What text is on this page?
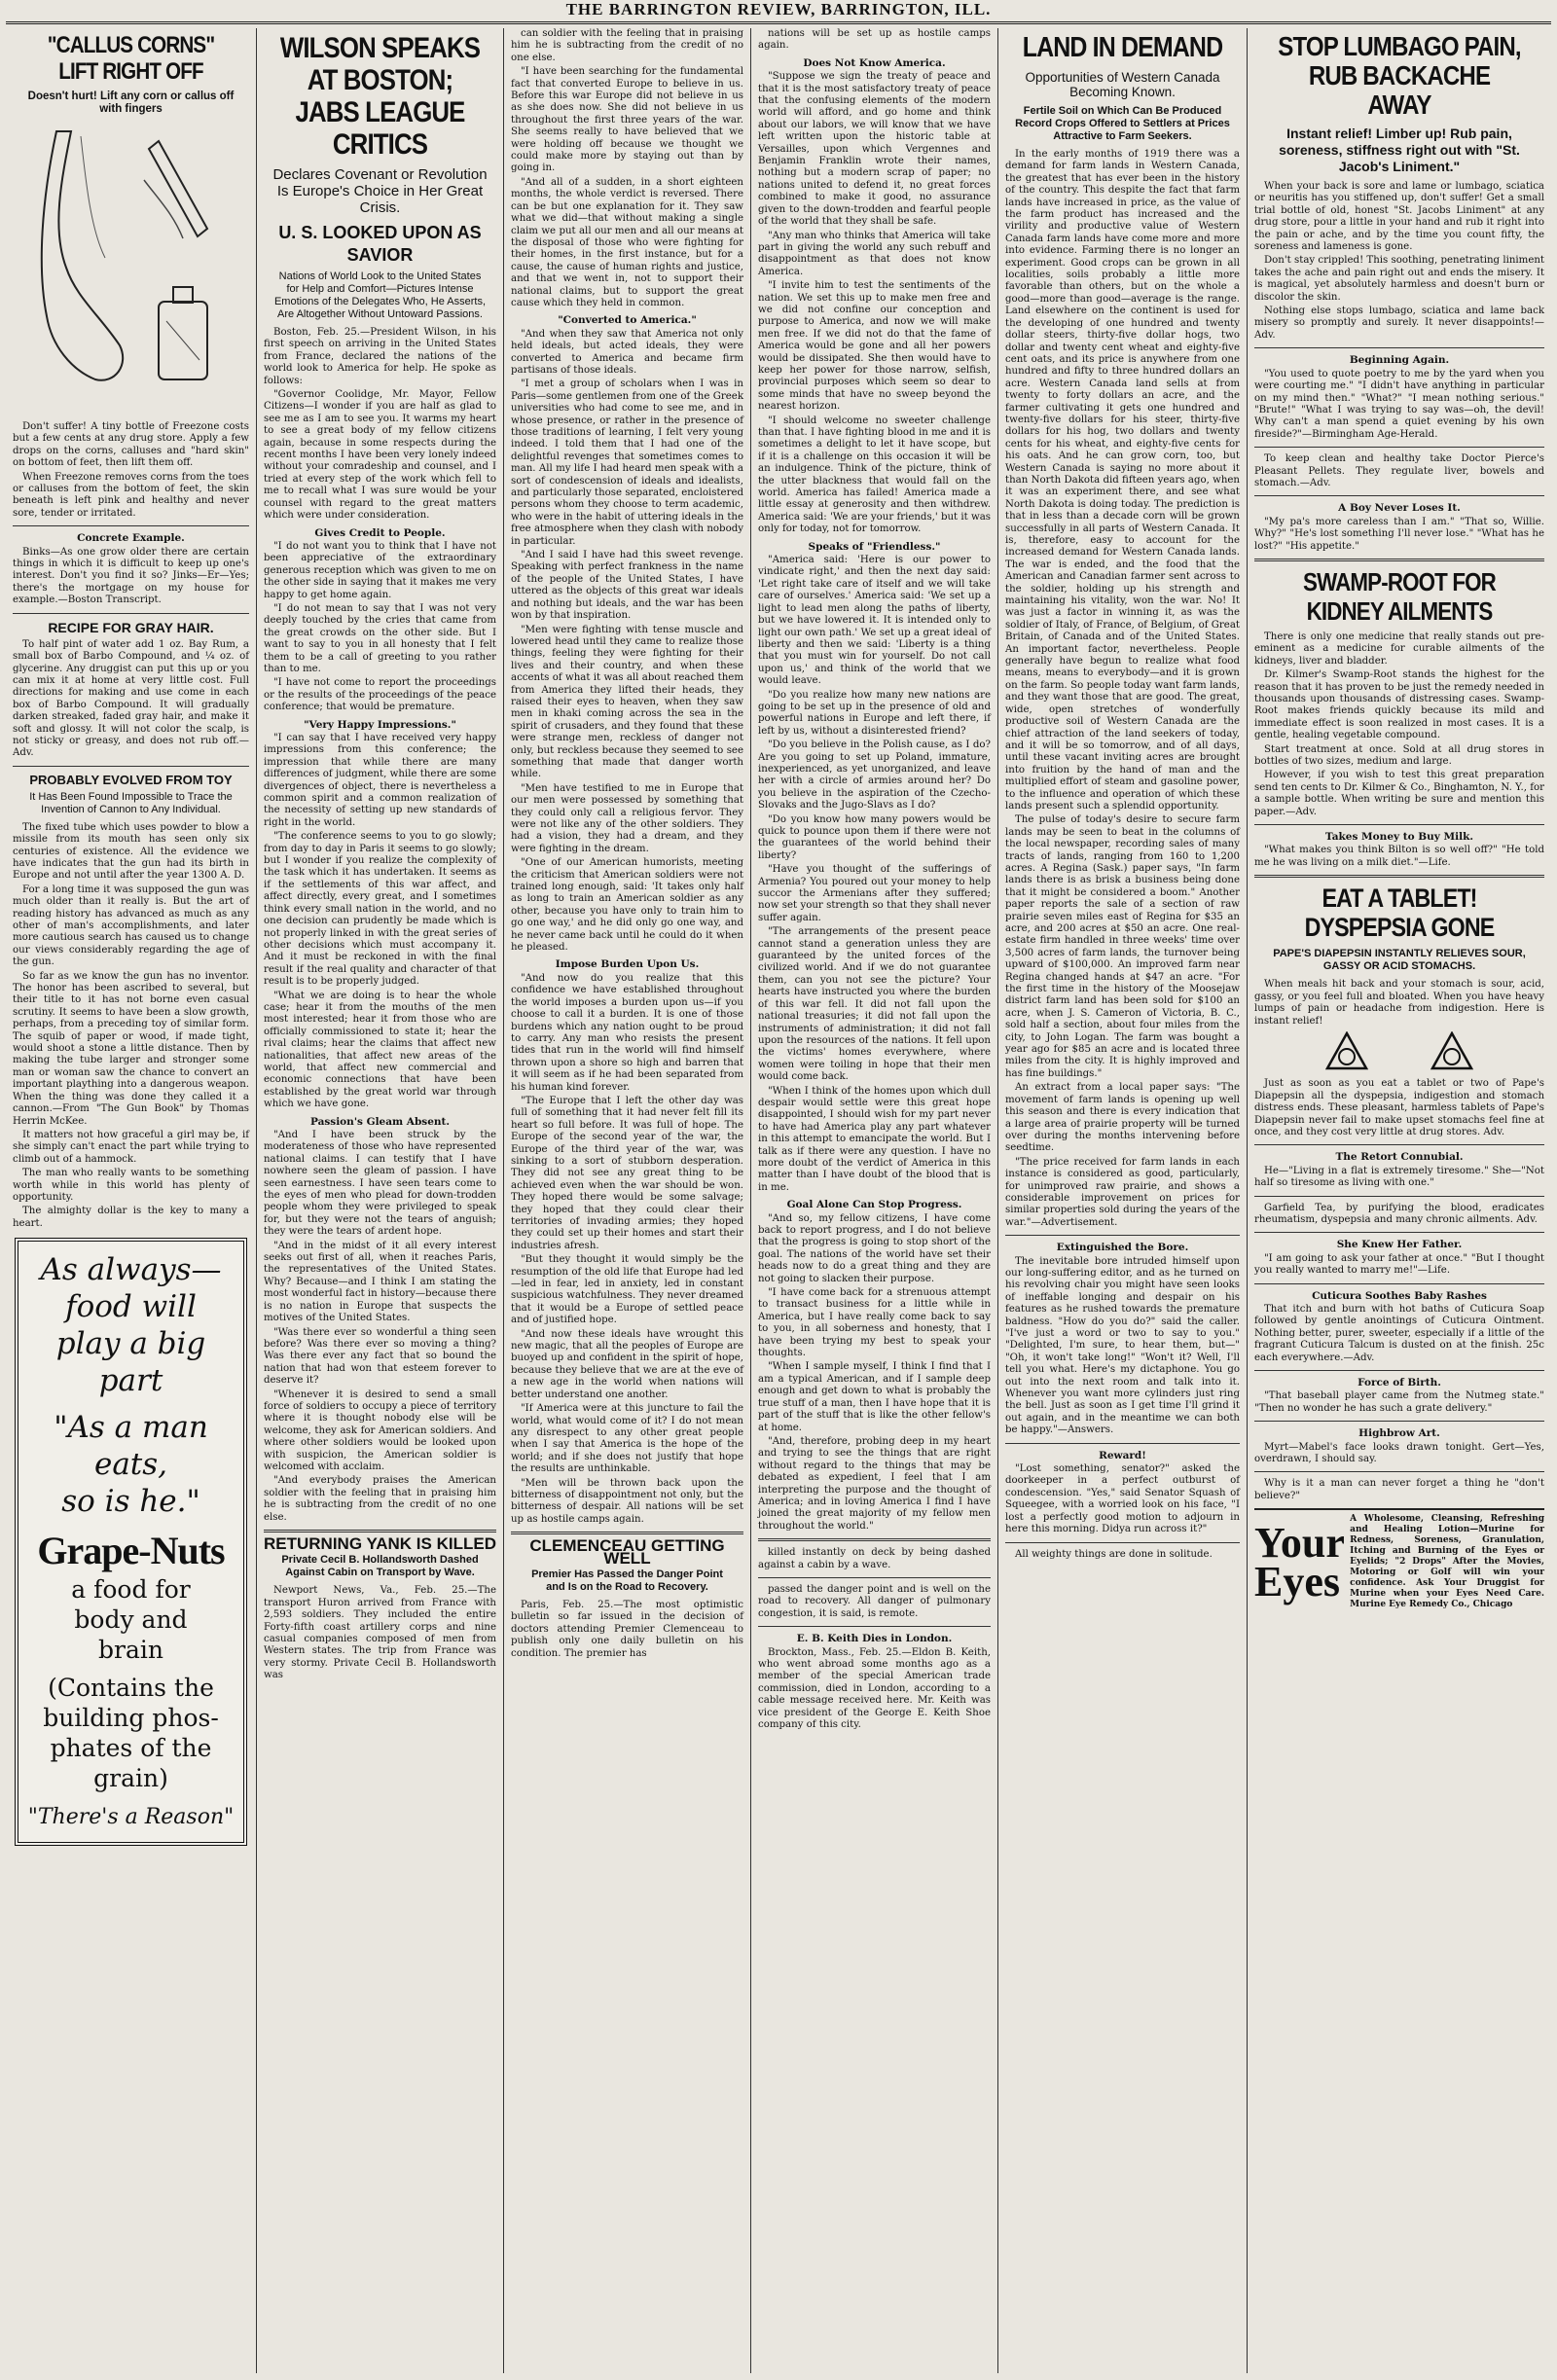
THE BARRINGTON REVIEW, BARRINGTON, ILL.
"CALLUS CORNS" LIFT RIGHT OFF
Doesn't hurt! Lift any corn or callus off with fingers

Don't suffer! A tiny bottle of Freezone costs but a few cents at any drug store. Apply a few drops on the corns, calluses and "hard skin" on bottom of feet, then lift them off.

When Freezone removes corns from the toes or calluses from the bottom of feet, the skin beneath is left pink and healthy and never sore, tender or irritated.

Concrete Example.

Binks—As one grow older there are certain things in which it is difficult to keep up one's interest. Don't you find it so? Jinks—Er—Yes; there's the mortgage on my house for example.—Boston Transcript.

RECIPE FOR GRAY HAIR.

To half pint of water add 1 oz. Bay Rum, a small box of Barbo Compound, and ¼ oz. of glycerine. Any druggist can put this up or you can mix it at home at very little cost. Full directions for making and use come in each box of Barbo Compound. It will gradually darken streaked, faded gray hair, and make it soft and glossy. It will not color the scalp, is not sticky or greasy, and does not rub off.—Adv.

PROBABLY EVOLVED FROM TOY
It Has Been Found Impossible to Trace the Invention of Cannon to Any Individual.

The fixed tube which uses powder to blow a missile from its mouth has seen only six centuries of existence. All the evidence we have indicates that the gun had its birth in Europe and not until after the year 1300 A. D.

For a long time it was supposed the gun was much older than it really is. But the art of reading history has advanced as much as any other of man's accomplishments, and later more cautious search has caused us to change our views considerably regarding the age of the gun.

So far as we know the gun has no inventor. The honor has been ascribed to several, but their title to it has not borne even casual scrutiny. It seems to have been a slow growth, perhaps, from a preceding toy of similar form. The squib of paper or wood, if made tight, would shoot a stone a little distance. Then by making the tube larger and stronger some man or woman saw the chance to convert an important plaything into a dangerous weapon. When the thing was done they called it a cannon.—From "The Gun Book" by Thomas Herrin McKee.

It matters not how graceful a girl may be, if she simply can't enact the part while trying to climb out of a hammock.

The man who really wants to be something worth while in this world has plenty of opportunity.

The almighty dollar is the key to many a heart.

As always—
food will
play a big
part
"As a man
eats,
so is he."
Grape-Nuts
a food for
body and
brain
(Contains the
building phos-
phates of the
grain)
"There's a Reason"
WILSON SPEAKS AT BOSTON; JABS LEAGUE CRITICS
Declares Covenant or Revolution Is Europe's Choice in Her Great Crisis.
U. S. LOOKED UPON AS SAVIOR
Nations of World Look to the United States for Help and Comfort—Pictures Intense Emotions of the Delegates Who, He Asserts, Are Altogether Without Untoward Passions.

Boston, Feb. 25.—President Wilson, in his first speech on arriving in the United States from France, declared the nations of the world look to America for help. He spoke as follows:

"Governor Coolidge, Mr. Mayor, Fellow Citizens—I wonder if you are half as glad to see me as I am to see you. It warms my heart to see a great body of my fellow citizens again, because in some respects during the recent months I have been very lonely indeed without your comradeship and counsel, and I tried at every step of the work which fell to me to recall what I was sure would be your counsel with regard to the great matters which were under consideration.

Gives Credit to People.

"I do not want you to think that I have not been appreciative of the extraordinary generous reception which was given to me on the other side in saying that it makes me very happy to get home again.

"I do not mean to say that I was not very deeply touched by the cries that came from the great crowds on the other side. But I want to say to you in all honesty that I felt them to be a call of greeting to you rather than to me.

"I have not come to report the proceedings or the results of the proceedings of the peace conference; that would be premature.

"Very Happy Impressions."

"I can say that I have received very happy impressions from this conference; the impression that while there are many differences of judgment, while there are some divergences of object, there is nevertheless a common spirit and a common realization of the necessity of setting up new standards of right in the world.

"The conference seems to you to go slowly; from day to day in Paris it seems to go slowly; but I wonder if you realize the complexity of the task which it has undertaken. It seems as if the settlements of this war affect, and affect directly, every great, and I sometimes think every small nation in the world, and no one decision can prudently be made which is not properly linked in with the great series of other decisions which must accompany it. And it must be reckoned in with the final result if the real quality and character of that result is to be properly judged.

"What we are doing is to hear the whole case; hear it from the mouths of the men most interested; hear it from those who are officially commissioned to state it; hear the rival claims; hear the claims that affect new nationalities, that affect new areas of the world, that affect new commercial and economic connections that have been established by the great world war through which we have gone.

Passion's Gleam Absent.

"And I have been struck by the moderateness of those who have represented national claims. I can testify that I have nowhere seen the gleam of passion. I have seen earnestness. I have seen tears come to the eyes of men who plead for down-trodden people whom they were privileged to speak for, but they were not the tears of anguish; they were the tears of ardent hope.

"And in the midst of it all every interest seeks out first of all, when it reaches Paris, the representatives of the United States. Why? Because—and I think I am stating the most wonderful fact in history—because there is no nation in Europe that suspects the motives of the United States.

"Was there ever so wonderful a thing seen before? Was there ever so moving a thing? Was there ever any fact that so bound the nation that had won that esteem forever to deserve it?

"Whenever it is desired to send a small force of soldiers to occupy a piece of territory where it is thought nobody else will be welcome, they ask for American soldiers. And where other soldiers would be looked upon with suspicion, the American soldier is welcomed with acclaim.

"And everybody praises the American soldier with the feeling that in praising him he is subtracting from the credit of no one else.

RETURNING YANK IS KILLED
Private Cecil B. Hollandsworth Dashed Against Cabin on Transport by Wave.

Newport News, Va., Feb. 25.—The transport Huron arrived from France with 2,593 soldiers. They included the entire Forty-fifth coast artillery corps and nine casual companies composed of men from Western states. The trip from France was very stormy. Private Cecil B. Hollandsworth was

can soldier with the feeling that in praising him he is subtracting from the credit of no one else.

"I have been searching for the fundamental fact that converted Europe to believe in us. Before this war Europe did not believe in us as she does now. She did not believe in us throughout the first three years of the war. She seems really to have believed that we were holding off because we thought we could make more by staying out than by going in.

"And all of a sudden, in a short eighteen months, the whole verdict is reversed. There can be but one explanation for it. They saw what we did—that without making a single claim we put all our men and all our means at the disposal of those who were fighting for their homes, in the first instance, but for a cause, the cause of human rights and justice, and that we went in, not to support their national claims, but to support the great cause which they held in common.

"Converted to America."

"And when they saw that America not only held ideals, but acted ideals, they were converted to America and became firm partisans of those ideals.

"I met a group of scholars when I was in Paris—some gentlemen from one of the Greek universities who had come to see me, and in whose presence, or rather in the presence of those traditions of learning, I felt very young indeed. I told them that I had one of the delightful revenges that sometimes comes to man. All my life I had heard men speak with a sort of condescension of ideals and idealists, and particularly those separated, encloistered persons whom they choose to term academic, who were in the habit of uttering ideals in the free atmosphere when they clash with nobody in particular.

"And I said I have had this sweet revenge. Speaking with perfect frankness in the name of the people of the United States, I have uttered as the objects of this great war ideals and nothing but ideals, and the war has been won by that inspiration.

"Men were fighting with tense muscle and lowered head until they came to realize those things, feeling they were fighting for their lives and their country, and when these accents of what it was all about reached them from America they lifted their heads, they raised their eyes to heaven, when they saw men in khaki coming across the sea in the spirit of crusaders, and they found that these were strange men, reckless of danger not only, but reckless because they seemed to see something that made that danger worth while.

"Men have testified to me in Europe that our men were possessed by something that they could only call a religious fervor. They were not like any of the other soldiers. They had a vision, they had a dream, and they were fighting in the dream.

"One of our American humorists, meeting the criticism that American soldiers were not trained long enough, said: 'It takes only half as long to train an American soldier as any other, because you have only to train him to go one way,' and he did only go one way, and he never came back until he could do it when he pleased.

Impose Burden Upon Us.

"And now do you realize that this confidence we have established throughout the world imposes a burden upon us—if you choose to call it a burden. It is one of those burdens which any nation ought to be proud to carry. Any man who resists the present tides that run in the world will find himself thrown upon a shore so high and barren that it will seem as if he had been separated from his human kind forever.

"The Europe that I left the other day was full of something that it had never felt fill its heart so full before. It was full of hope. The Europe of the second year of the war, the Europe of the third year of the war, was sinking to a sort of stubborn desperation. They did not see any great thing to be achieved even when the war should be won. They hoped there would be some salvage; they hoped that they could clear their territories of invading armies; they hoped they could set up their homes and start their industries afresh.

"But they thought it would simply be the resumption of the old life that Europe had led—led in fear, led in anxiety, led in constant suspicious watchfulness. They never dreamed that it would be a Europe of settled peace and of justified hope.

"And now these ideals have wrought this new magic, that all the peoples of Europe are buoyed up and confident in the spirit of hope, because they believe that we are at the eve of a new age in the world when nations will better understand one another.

"If America were at this juncture to fail the world, what would come of it? I do not mean any disrespect to any other great people when I say that America is the hope of the world; and if she does not justify that hope the results are unthinkable.

"Men will be thrown back upon the bitterness of disappointment not only, but the bitterness of despair. All nations will be set up as hostile camps again.

CLEMENCEAU GETTING WELL
Premier Has Passed the Danger Point and Is on the Road to Recovery.

Paris, Feb. 25.—The most optimistic bulletin so far issued in the decision of doctors attending Premier Clemenceau to publish only one daily bulletin on his condition. The premier has

nations will be set up as hostile camps again.

Does Not Know America.

"Suppose we sign the treaty of peace and that it is the most satisfactory treaty of peace that the confusing elements of the modern world will afford, and go home and think about our labors, we will know that we have left written upon the historic table at Versailles, upon which Vergennes and Benjamin Franklin wrote their names, nothing but a modern scrap of paper; no nations united to defend it, no great forces combined to make it good, no assurance given to the down-trodden and fearful people of the world that they shall be safe.

"Any man who thinks that America will take part in giving the world any such rebuff and disappointment as that does not know America.

"I invite him to test the sentiments of the nation. We set this up to make men free and we did not confine our conception and purpose to America, and now we will make men free. If we did not do that the fame of America would be gone and all her powers would be dissipated. She then would have to keep her power for those narrow, selfish, provincial purposes which seem so dear to some minds that have no sweep beyond the nearest horizon.

"I should welcome no sweeter challenge than that. I have fighting blood in me and it is sometimes a delight to let it have scope, but if it is a challenge on this occasion it will be an indulgence. Think of the picture, think of the utter blackness that would fall on the world. America has failed! America made a little essay at generosity and then withdrew. America said: 'We are your friends,' but it was only for today, not for tomorrow.

Speaks of "Friendless."

"America said: 'Here is our power to vindicate right,' and then the next day said: 'Let right take care of itself and we will take care of ourselves.' America said: 'We set up a light to lead men along the paths of liberty, but we have lowered it. It is intended only to light our own path.' We set up a great ideal of liberty and then we said: 'Liberty is a thing that you must win for yourself. Do not call upon us,' and think of the world that we would leave.

"Do you realize how many new nations are going to be set up in the presence of old and powerful nations in Europe and left there, if left by us, without a disinterested friend?

"Do you believe in the Polish cause, as I do? Are you going to set up Poland, immature, inexperienced, as yet unorganized, and leave her with a circle of armies around her? Do you believe in the aspiration of the Czecho-Slovaks and the Jugo-Slavs as I do?

"Do you know how many powers would be quick to pounce upon them if there were not the guarantees of the world behind their liberty?

"Have you thought of the sufferings of Armenia? You poured out your money to help succor the Armenians after they suffered; now set your strength so that they shall never suffer again.

"The arrangements of the present peace cannot stand a generation unless they are guaranteed by the united forces of the civilized world. And if we do not guarantee them, can you not see the picture? Your hearts have instructed you where the burden of this war fell. It did not fall upon the national treasuries; it did not fall upon the instruments of administration; it did not fall upon the resources of the nations. It fell upon the victims' homes everywhere, where women were toiling in hope that their men would come back.

"When I think of the homes upon which dull despair would settle were this great hope disappointed, I should wish for my part never to have had America play any part whatever in this attempt to emancipate the world. But I talk as if there were any question. I have no more doubt of the verdict of America in this matter than I have doubt of the blood that is in me.

Goal Alone Can Stop Progress.

"And so, my fellow citizens, I have come back to report progress, and I do not believe that the progress is going to stop short of the goal. The nations of the world have set their heads now to do a great thing and they are not going to slacken their purpose.

"I have come back for a strenuous attempt to transact business for a little while in America, but I have really come back to say to you, in all soberness and honesty, that I have been trying my best to speak your thoughts.

"When I sample myself, I think I find that I am a typical American, and if I sample deep enough and get down to what is probably the true stuff of a man, then I have hope that it is part of the stuff that is like the other fellow's at home.

"And, therefore, probing deep in my heart and trying to see the things that are right without regard to the things that may be debated as expedient, I feel that I am interpreting the purpose and the thought of America; and in loving America I find I have joined the great majority of my fellow men throughout the world."

killed instantly on deck by being dashed against a cabin by a wave.

passed the danger point and is well on the road to recovery. All danger of pulmonary congestion, it is said, is remote.

E. B. Keith Dies in London.

Brockton, Mass., Feb. 25.—Eldon B. Keith, who went abroad some months ago as a member of the special American trade commission, died in London, according to a cable message received here. Mr. Keith was vice president of the George E. Keith Shoe company of this city.

LAND IN DEMAND
Opportunities of Western Canada Becoming Known.
Fertile Soil on Which Can Be Produced Record Crops Offered to Settlers at Prices Attractive to Farm Seekers.

In the early months of 1919 there was a demand for farm lands in Western Canada, the greatest that has ever been in the history of the country. This despite the fact that farm lands have increased in price, as the value of the farm product has increased and the virility and productive value of Western Canada farm lands have come more and more into evidence. Farming there is no longer an experiment. Good crops can be grown in all localities, soils probably a little more favorable than others, but on the whole a good—more than good—average is the range. Land elsewhere on the continent is used for the developing of one hundred and twenty dollar steers, thirty-five dollar hogs, two dollar and twenty cent wheat and eighty-five cent oats, and its price is anywhere from one hundred and fifty to three hundred dollars an acre. Western Canada land sells at from twenty to forty dollars an acre, and the farmer cultivating it gets one hundred and twenty-five dollars for his steer, thirty-five dollars for his hog, two dollars and twenty cents for his wheat, and eighty-five cents for his oats. And he can grow corn, too, but Western Canada is saying no more about it than North Dakota did fifteen years ago, when it was an experiment there, and see what North Dakota is doing today. The prediction is that in less than a decade corn will be grown successfully in all parts of Western Canada. It is, therefore, easy to account for the increased demand for Western Canada lands. The war is ended, and the food that the American and Canadian farmer sent across to the soldier, holding up his strength and maintaining his vitality, won the war. No! It was just a factor in winning it, as was the soldier of Italy, of France, of Belgium, of Great Britain, of Canada and of the United States. An important factor, nevertheless. People generally have begun to realize what food means, means to everybody—and it is grown on the farm. So people today want farm lands, and they want those that are good. The great, wide, open stretches of wonderfully productive soil of Western Canada are the chief attraction of the land seekers of today, and it will be so tomorrow, and of all days, until these vacant inviting acres are brought into fruition by the hand of man and the multiplied effort of steam and gasoline power, to the influence and operation of which these lands present such a splendid opportunity.

The pulse of today's desire to secure farm lands may be seen to beat in the columns of the local newspaper, recording sales of many tracts of lands, ranging from 160 to 1,200 acres. A Regina (Sask.) paper says, "In farm lands there is as brisk a business being done that it might be considered a boom." Another paper reports the sale of a section of raw prairie seven miles east of Regina for $35 an acre, and 200 acres at $50 an acre. One real-estate firm handled in three weeks' time over 3,500 acres of farm lands, the turnover being upward of $100,000. An improved farm near Regina changed hands at $47 an acre. "For the first time in the history of the Moosejaw district farm land has been sold for $100 an acre, when J. S. Cameron of Victoria, B. C., sold half a section, about four miles from the city, to John Logan. The farm was bought a year ago for $85 an acre and is located three miles from the city. It is highly improved and has fine buildings."

An extract from a local paper says: "The movement of farm lands is opening up well this season and there is every indication that a large area of prairie property will be turned over during the months intervening before seedtime.

"The price received for farm lands in each instance is considered as good, particularly, for unimproved raw prairie, and shows a considerable improvement on prices for similar properties sold during the years of the war."—Advertisement.

Extinguished the Bore.

The inevitable bore intruded himself upon our long-suffering editor, and as he turned on his revolving chair you might have seen looks of ineffable longing and despair on his features as he rushed towards the premature baldness. "How do you do?" said the caller. "I've just a word or two to say to you." "Delighted, I'm sure, to hear them, but—" "Oh, it won't take long!" "Won't it? Well, I'll tell you what. Here's my dictaphone. You go out into the next room and talk into it. Whenever you want more cylinders just ring the bell. Just as soon as I get time I'll grind it out again, and in the meantime we can both be happy."—Answers.

Reward!

"Lost something, senator?" asked the doorkeeper in a perfect outburst of condescension. "Yes," said Senator Squash of Squeegee, with a worried look on his face, "I lost a perfectly good motion to adjourn in here this morning. Didya run across it?"

All weighty things are done in solitude.

STOP LUMBAGO PAIN, RUB BACKACHE AWAY
Instant relief! Limber up! Rub pain, soreness, stiffness right out with "St. Jacob's Liniment."

When your back is sore and lame or lumbago, sciatica or neuritis has you stiffened up, don't suffer! Get a small trial bottle of old, honest "St. Jacobs Liniment" at any drug store, pour a little in your hand and rub it right into the pain or ache, and by the time you count fifty, the soreness and lameness is gone.

Don't stay crippled! This soothing, penetrating liniment takes the ache and pain right out and ends the misery. It is magical, yet absolutely harmless and doesn't burn or discolor the skin.

Nothing else stops lumbago, sciatica and lame back misery so promptly and surely. It never disappoints!—Adv.

Beginning Again.

"You used to quote poetry to me by the yard when you were courting me." "I didn't have anything in particular on my mind then." "What?" "I mean nothing serious." "Brute!" "What I was trying to say was—oh, the devil! Why can't a man spend a quiet evening by his own fireside?"—Birmingham Age-Herald.

To keep clean and healthy take Doctor Pierce's Pleasant Pellets. They regulate liver, bowels and stomach.—Adv.

A Boy Never Loses It.

"My pa's more careless than I am." "That so, Willie. Why?" "He's lost something I'll never lose." "What has he lost?" "His appetite."

SWAMP-ROOT FOR KIDNEY AILMENTS

There is only one medicine that really stands out pre-eminent as a medicine for curable ailments of the kidneys, liver and bladder.

Dr. Kilmer's Swamp-Root stands the highest for the reason that it has proven to be just the remedy needed in thousands upon thousands of distressing cases. Swamp-Root makes friends quickly because its mild and immediate effect is soon realized in most cases. It is a gentle, healing vegetable compound.

Start treatment at once. Sold at all drug stores in bottles of two sizes, medium and large.

However, if you wish to test this great preparation send ten cents to Dr. Kilmer & Co., Binghamton, N. Y., for a sample bottle. When writing be sure and mention this paper.—Adv.

Takes Money to Buy Milk.

"What makes you think Bilton is so well off?" "He told me he was living on a milk diet."—Life.

EAT A TABLET! DYSPEPSIA GONE
PAPE'S DIAPEPSIN INSTANTLY RELIEVES SOUR, GASSY OR ACID STOMACHS.

When meals hit back and your stomach is sour, acid, gassy, or you feel full and bloated. When you have heavy lumps of pain or headache from indigestion. Here is instant relief!

Just as soon as you eat a tablet or two of Pape's Diapepsin all the dyspepsia, indigestion and stomach distress ends. These pleasant, harmless tablets of Pape's Diapepsin never fail to make upset stomachs feel fine at once, and they cost very little at drug stores. Adv.

The Retort Connubial.

He—"Living in a flat is extremely tiresome." She—"Not half so tiresome as living with one."

Garfield Tea, by purifying the blood, eradicates rheumatism, dyspepsia and many chronic ailments. Adv.

She Knew Her Father.

"I am going to ask your father at once." "But I thought you really wanted to marry me!"—Life.

Cuticura Soothes Baby Rashes

That itch and burn with hot baths of Cuticura Soap followed by gentle anointings of Cuticura Ointment. Nothing better, purer, sweeter, especially if a little of the fragrant Cuticura Talcum is dusted on at the finish. 25c each everywhere.—Adv.

Force of Birth.

"That baseball player came from the Nutmeg state." "Then no wonder he has such a grate delivery."

Highbrow Art.

Myrt—Mabel's face looks drawn tonight. Gert—Yes, overdrawn, I should say.

Why is it a man can never forget a thing he "don't believe?"

Your Eyes
A Wholesome, Cleansing, Refreshing and Healing Lotion—Murine for Redness, Soreness, Granulation, Itching and Burning of the Eyes or Eyelids; "2 Drops" After the Movies, Motoring or Golf will win your confidence. Ask Your Druggist for Murine when your Eyes Need Care. Murine Eye Remedy Co., Chicago
